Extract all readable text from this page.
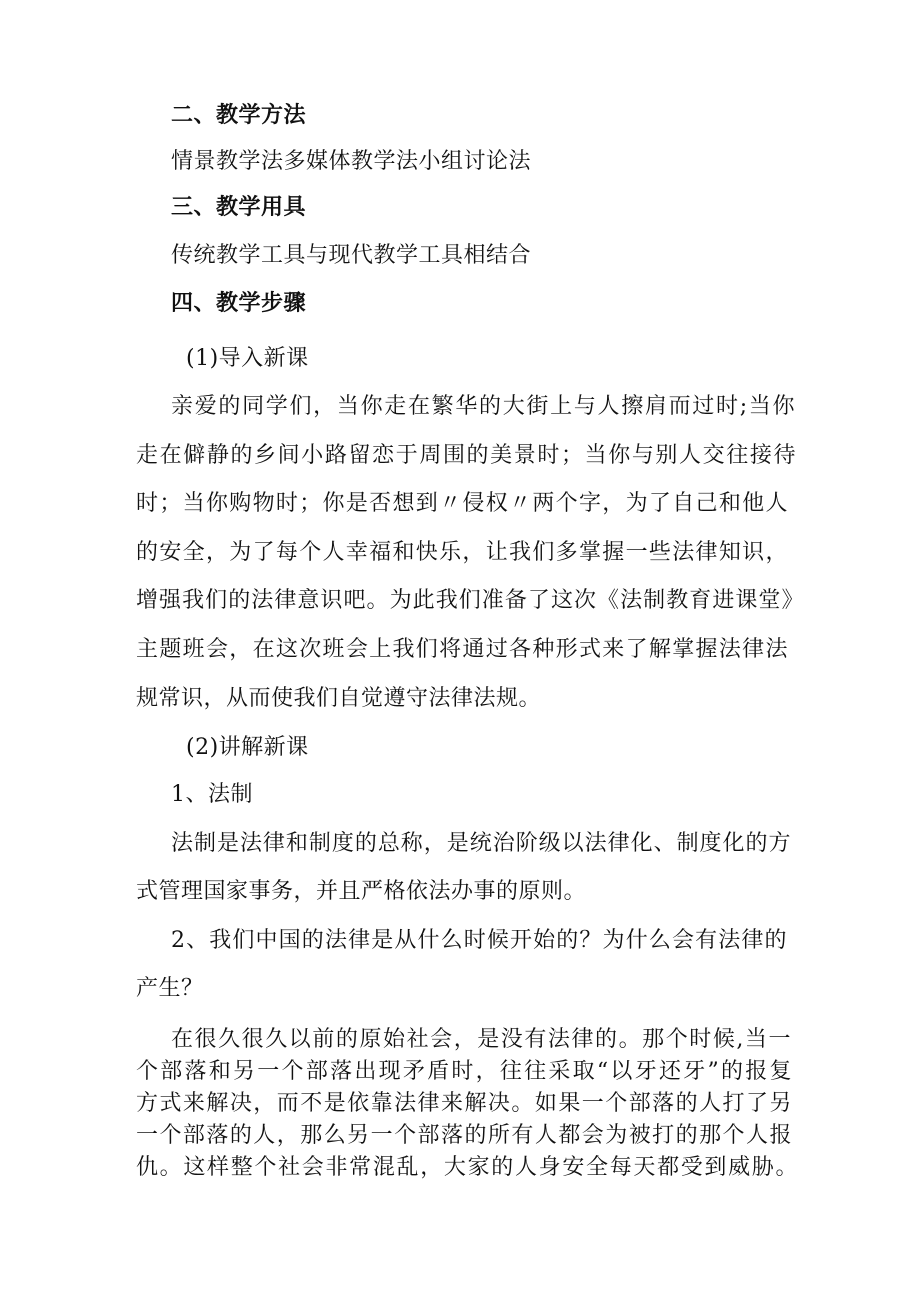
二、教学方法
情景教学法多媒体教学法小组讨论法
三、教学用具
传统教学工具与现代教学工具相结合
四、教学步骤
(1)导入新课
亲爱的同学们，当你走在繁华的大街上与人擦肩而过时;当你
走在僻静的乡间小路留恋于周围的美景时；当你与别人交往接待
时；当你购物时；你是否想到〃侵权〃两个字，为了自己和他人
的安全，为了每个人幸福和快乐，让我们多掌握一些法律知识，
增强我们的法律意识吧。为此我们准备了这次《法制教育进课堂》
主题班会，在这次班会上我们将通过各种形式来了解掌握法律法
规常识，从而使我们自觉遵守法律法规。
(2)讲解新课
1、法制
法制是法律和制度的总称，是统治阶级以法律化、制度化的方
式管理国家事务，并且严格依法办事的原则。
2、我们中国的法律是从什么时候开始的？为什么会有法律的
产生？
在很久很久以前的原始社会，是没有法律的。那个时候,当一
个部落和另一个部落出现矛盾时，往往采取“以牙还牙”的报复
方式来解决，而不是依靠法律来解决。如果一个部落的人打了另
一个部落的人，那么另一个部落的所有人都会为被打的那个人报
仇。这样整个社会非常混乱，大家的人身安全每天都受到威胁。
